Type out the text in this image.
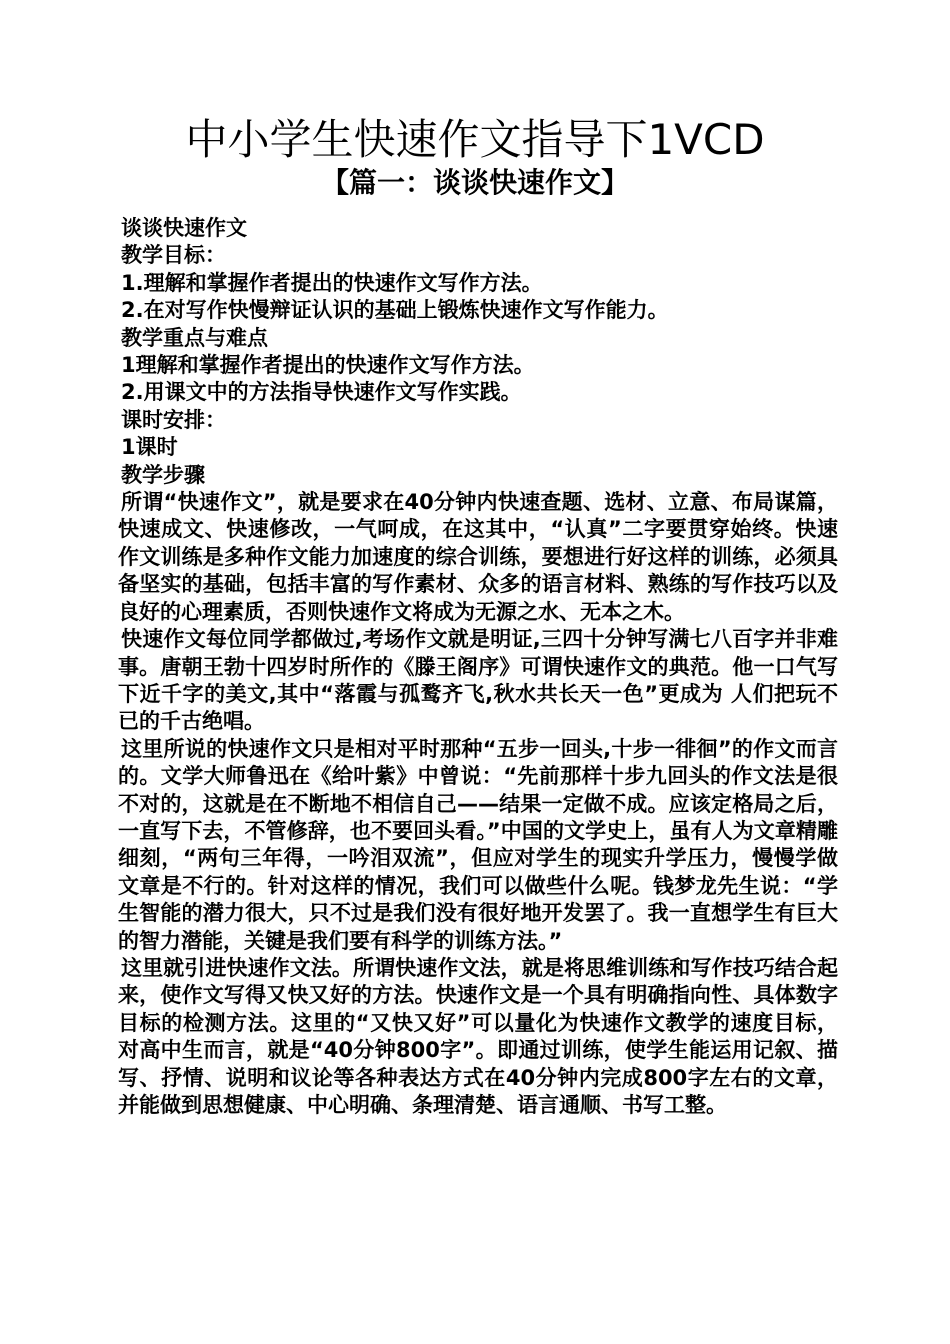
中小学生快速作文指导下1VCD
【篇一：谈谈快速作文】
谈谈快速作文
教学目标：
1.理解和掌握作者提出的快速作文写作方法。
2.在对写作快慢辩证认识的基础上锻炼快速作文写作能力。
教学重点与难点
1理解和掌握作者提出的快速作文写作方法。
2.用课文中的方法指导快速作文写作实践。
课时安排：
1课时
教学步骤

所谓“快速作文”，就是要求在40分钟内快速查题、选材、立意、布局谋篇，快速成文、快速修改，一气呵成，在这其中，“认真”二字要贯穿始终。快速作文训练是多种作文能力加速度的综合训练，要想进行好这样的训练，必须具备坚实的基础，包括丰富的写作素材、众多的语言材料、熟练的写作技巧以及良好的心理素质，否则快速作文将成为无源之水、无本之木。

快速作文每位同学都做过,考场作文就是明证,三四十分钟写满七八百字并非难事。唐朝王勃十四岁时所作的《滕王阁序》可谓快速作文的典范。他一口气写下近千字的美文,其中“落霞与孤鹜齐飞,秋水共长天一色”更成为 人们把玩不已的千古绝唱。

这里所说的快速作文只是相对平时那种“五步一回头,十步一徘徊”的作文而言的。文学大师鲁迅在《给叶紫》中曾说：“先前那样十步九回头的作文法是很不对的，这就是在不断地不相信自己——结果一定做不成。应该定格局之后，一直写下去，不管修辞，也不要回头看。”中国的文学史上，虽有人为文章精雕细刻，“两句三年得，一吟泪双流”，但应对学生的现实升学压力，慢慢学做文章是不行的。针对这样的情况，我们可以做些什么呢。钱梦龙先生说：“学生智能的潜力很大，只不过是我们没有很好地开发罢了。我一直想学生有巨大的智力潜能，关键是我们要有科学的训练方法。”

这里就引进快速作文法。所谓快速作文法，就是将思维训练和写作技巧结合起来，使作文写得又快又好的方法。快速作文是一个具有明确指向性、具体数字目标的检测方法。这里的“又快又好”可以量化为快速作文教学的速度目标，对高中生而言，就是“40分钟800字”。即通过训练，使学生能运用记叙、描写、抒情、说明和议论等各种表达方式在40分钟内完成800字左右的文章，并能做到思想健康、中心明确、条理清楚、语言通顺、书写工整。
